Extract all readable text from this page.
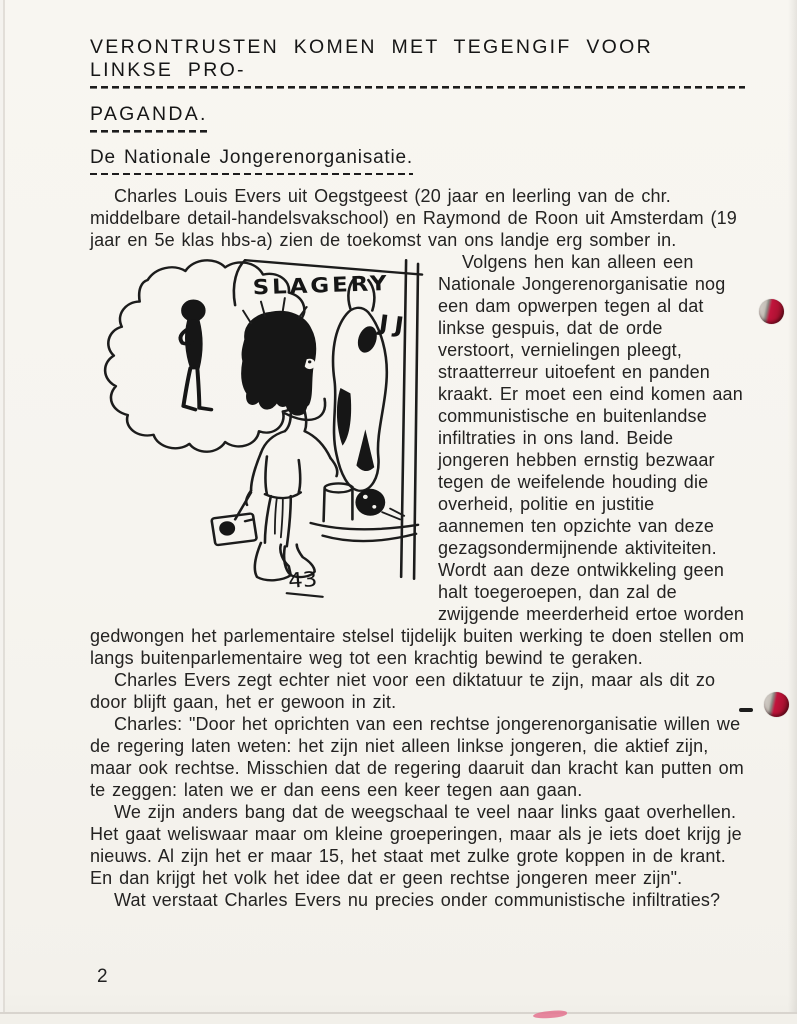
VERONTRUSTEN KOMEN MET TEGENGIF VOOR LINKSE PRO-
PAGANDA.
De Nationale Jongerenorganisatie.

Charles Louis Evers uit Oegstgeest (20 jaar en leerling van de chr. middelbare detail-handelsvakschool) en Raymond de Roon uit Amsterdam (19 jaar en 5e klas hbs-a) zien de toekomst van ons landje erg somber in.

SLAGERY
JJ
43

Volgens hen kan alleen een Nationale Jongerenorganisatie nog een dam opwerpen tegen al dat linkse gespuis, dat de orde verstoort, vernielingen pleegt, straatterreur uitoefent en panden kraakt. Er moet een eind komen aan communistische en buitenlandse infiltraties in ons land. Beide jongeren hebben ernstig bezwaar tegen de weifelende houding die overheid, politie en justitie aannemen ten opzichte van deze gezagsondermijnende aktiviteiten. Wordt aan deze ontwikkeling geen halt toegeroepen, dan zal de zwijgende meerderheid ertoe worden gedwongen het parlementaire stelsel tijdelijk buiten werking te doen stellen om langs buitenparlementaire weg tot een krachtig bewind te geraken.

Charles Evers zegt echter niet voor een diktatuur te zijn, maar als dit zo door blijft gaan, het er gewoon in zit.

Charles: "Door het oprichten van een rechtse jongerenorganisatie willen we de regering laten weten: het zijn niet alleen linkse jongeren, die aktief zijn, maar ook rechtse. Misschien dat de regering daaruit dan kracht kan putten om te zeggen: laten we er dan eens een keer tegen aan gaan.

We zijn anders bang dat de weegschaal te veel naar links gaat overhellen. Het gaat weliswaar maar om kleine groeperingen, maar als je iets doet krijg je nieuws. Al zijn het er maar 15, het staat met zulke grote koppen in de krant. En dan krijgt het volk het idee dat er geen rechtse jongeren meer zijn".

Wat verstaat Charles Evers nu precies onder communistische infiltraties?

2
